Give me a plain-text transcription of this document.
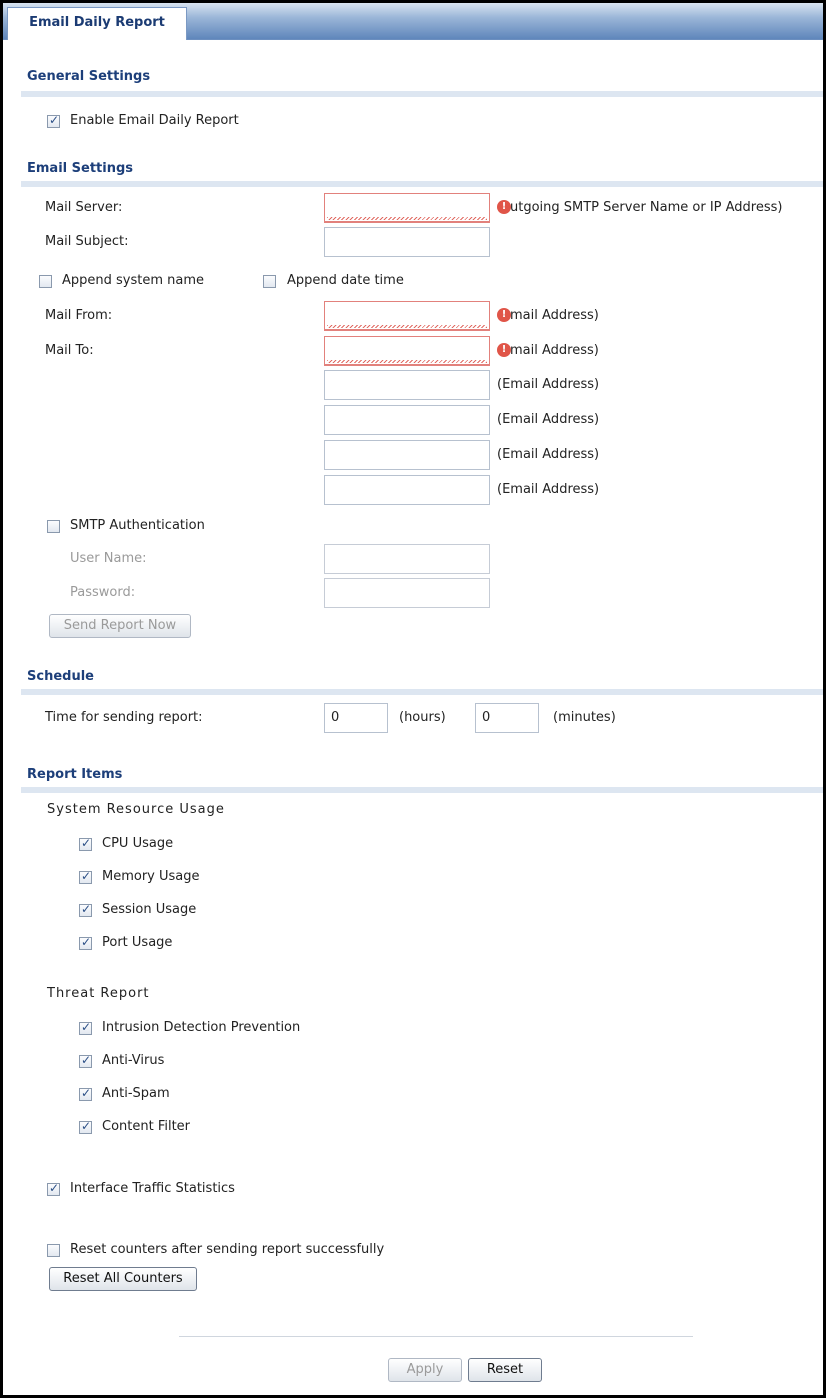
Email Daily Report
General Settings
✓
Enable Email Daily Report
Email Settings
Mail Server:	! utgoing SMTP Server Name or IP Address)
Mail Subject:
Append system name	Append date time
Mail From:	! mail Address)
Mail To:	! mail Address)
(Email Address)
(Email Address)
(Email Address)
(Email Address)
SMTP Authentication
User Name:
Password:
Send Report Now
Schedule
Time for sending report:	0	(hours)	0	(minutes)
Report Items
System Resource Usage
✓
CPU Usage
✓
Memory Usage
✓
Session Usage
✓
Port Usage
Threat Report
✓
Intrusion Detection Prevention
✓
Anti-Virus
✓
Anti-Spam
✓
Content Filter
✓
Interface Traffic Statistics
Reset counters after sending report successfully
Reset All Counters
Apply	Reset
